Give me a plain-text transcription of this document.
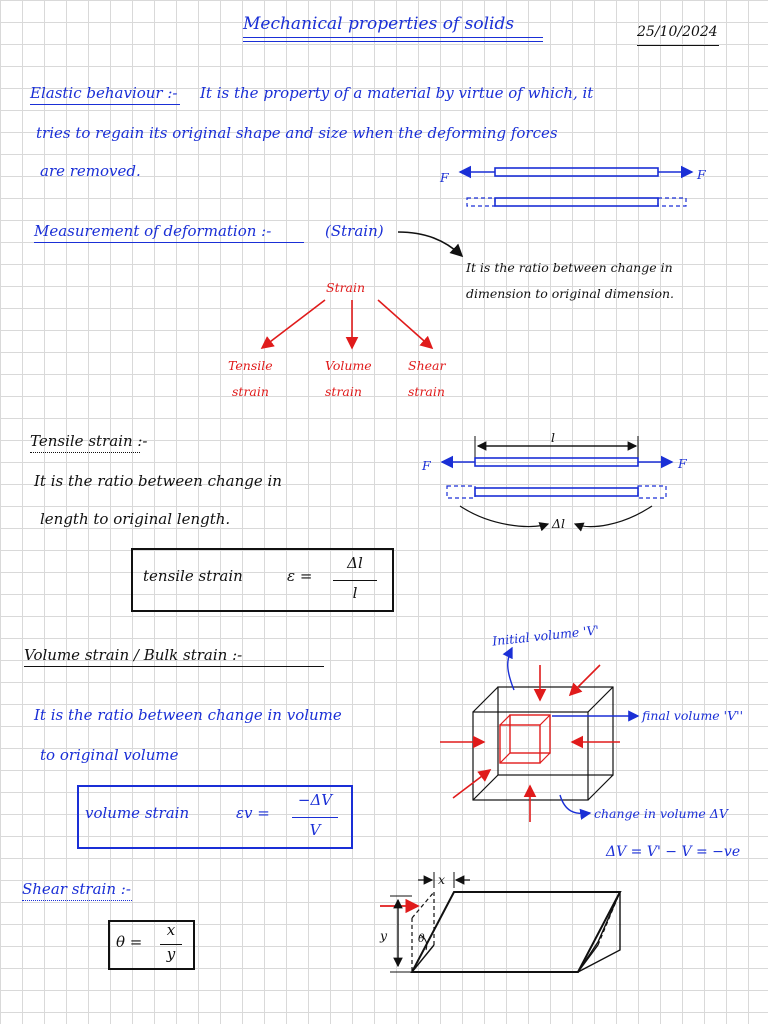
Mechanical properties of solids	25/10/2024
Elastic behaviour :- It is the property of a material by virtue of which, it
tries to regain its original shape and size when the deforming forces
are removed.	F	F
Measurement of deformation :-	(Strain)
It is the ratio between change in
dimension to original dimension.
Strain
Tensile
strain
Volume
strain
Shear
strain
Tensile strain :-
It is the ratio between change in
length to original length.
l
Δl
F	F
tensile strain	ε =
Δl
l
Volume strain / Bulk strain :-
It is the ratio between change in volume
to original volume
volume strain	εv =
−ΔV
V
Initial volume 'V'
final volume 'V''
change in volume ΔV
ΔV = V' − V = −ve
Shear strain :-
θ =
x
y
x
y	θ
